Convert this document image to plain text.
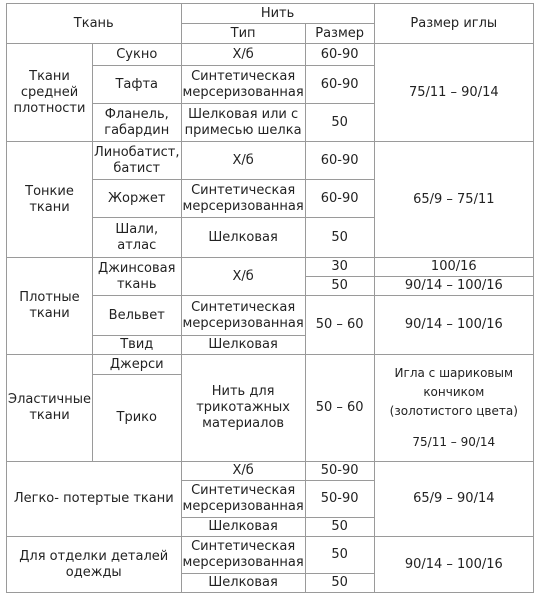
Ткань		Нить		Размер иглы
		Тип	Размер	
Ткани средней плотности	Сукно	Х/б	60-90	75/11 – 90/14
	Тафта	Синтетическая мерсеризованная	60-90	
	Фланель, габардин	Шелковая или с примесью шелка	50	
Тонкие ткани	Линобатист, батист	Х/б	60-90	65/9 – 75/11
	Жоржет	Синтетическая мерсеризованная	60-90	
	Шали, атлас	Шелковая	50	
Плотные ткани	Джинсовая ткань	Х/б	30	100/16
			50	90/14 – 100/16
	Вельвет	Синтетическая мерсеризованная	50 – 60	90/14 – 100/16

	Твид	Шелковая		
Эластичные ткани	Джерси	Нить для трикотажных материалов	50 – 60	Игла с шариковым
кончиком
(золотистого цвета)
75/11 – 90/14

	Трико			
Легко- потертые ткани		Х/б	50-90	65/9 – 90/14
		Синтетическая мерсеризованная	50-90	
		Шелковая	50	
Для отделки деталей одежды		Синтетическая мерсеризованная	50	90/14 – 100/16
		Шелковая	50	
